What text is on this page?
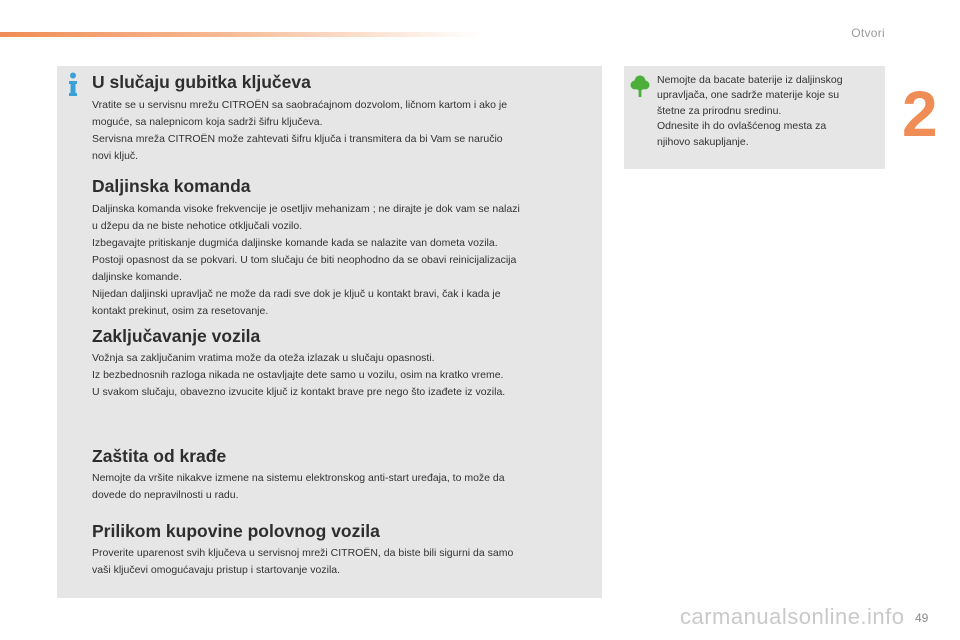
Otvori
2
U slučaju gubitka ključeva

Vratite se u servisnu mrežu CITROËN sa saobraćajnom dozvolom, ličnom kartom i ako je

moguće, sa nalepnicom koja sadrži šifru ključeva.

Servisna mreža CITROËN može zahtevati šifru ključa i transmitera da bi Vam se naručio

novi ključ.

Daljinska komanda

Daljinska komanda visoke frekvencije je osetljiv mehanizam ; ne dirajte je dok vam se nalazi

u džepu da ne biste nehotice otključali vozilo.

Izbegavajte pritiskanje dugmića daljinske komande kada se nalazite van dometa vozila.

Postoji opasnost da se pokvari. U tom slučaju će biti neophodno da se obavi reinicijalizacija

daljinske komande.

Nijedan daljinski upravljač ne može da radi sve dok je ključ u kontakt bravi, čak i kada je

kontakt prekinut, osim za resetovanje.

Zaključavanje vozila

Vožnja sa zaključanim vratima može da oteža izlazak u slučaju opasnosti.

Iz bezbednosnih razloga nikada ne ostavljajte dete samo u vozilu, osim na kratko vreme.

U svakom slučaju, obavezno izvucite ključ iz kontakt brave pre nego što izađete iz vozila.

Zaštita od krađe

Nemojte da vršite nikakve izmene na sistemu elektronskog anti-start uređaja, to može da

dovede do nepravilnosti u radu.

Prilikom kupovine polovnog vozila

Proverite uparenost svih ključeva u servisnoj mreži CITROËN, da biste bili sigurni da samo

vaši ključevi omogućavaju pristup i startovanje vozila.

Nemojte da bacate baterije iz daljinskog

upravljača, one sadrže materije koje su

štetne za prirodnu sredinu.

Odnesite ih do ovlašćenog mesta za

njihovo sakupljanje.

carmanualsonline.info 49
